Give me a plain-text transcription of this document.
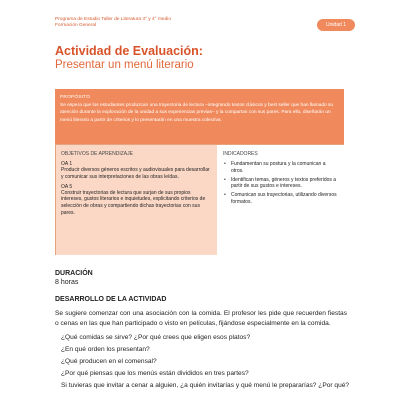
Programa de Estudio Taller de Literatura 3° y 4° medio
Formación General	Unidad 1
Actividad de Evaluación:
Presentar un menú literario
PROPÓSITO
Se espera que los estudiantes produzcan una trayectoria de lectura –integrando textos clásicos y best seller que han llamado su atención durante la exploración de la unidad a sus experiencias previas– y la compartan con sus pares. Para ello, diseñarán un menú literario a partir de criterios y lo presentarán en una muestra colectiva.
OBJETIVOS DE APRENDIZAJE
OA 1
Producir diversos géneros escritos y audiovisuales para desarrollar y comunicar sus interpretaciones de las obras leídas.
OA 5
Construir trayectorias de lectura que surjan de sus propios intereses, gustos literarios e inquietudes, explicitando criterios de selección de obras y compartiendo dichas trayectorias con sus pares.
INDICADORES
• Fundamentan su postura y la comunican a otros.
• Identifican temas, géneros y textos preferidos a partir de sus gustos e intereses.
• Comunican sus trayectorias, utilizando diversos formatos.
DURACIÓN
8 horas
DESARROLLO DE LA ACTIVIDAD
Se sugiere comenzar con una asociación con la comida. El profesor les pide que recuerden fiestas o cenas en las que han participado o visto en películas, fijándose especialmente en la comida.
¿Qué comidas se sirve? ¿Por qué crees que eligen esos platos?
¿En qué orden los presentan?
¿Qué producen en el comensal?
¿Por qué piensas que los menús están divididos en tres partes?
Si tuvieras que invitar a cenar a alguien, ¿a quién invitarías y qué menú le prepararías? ¿Por qué?
